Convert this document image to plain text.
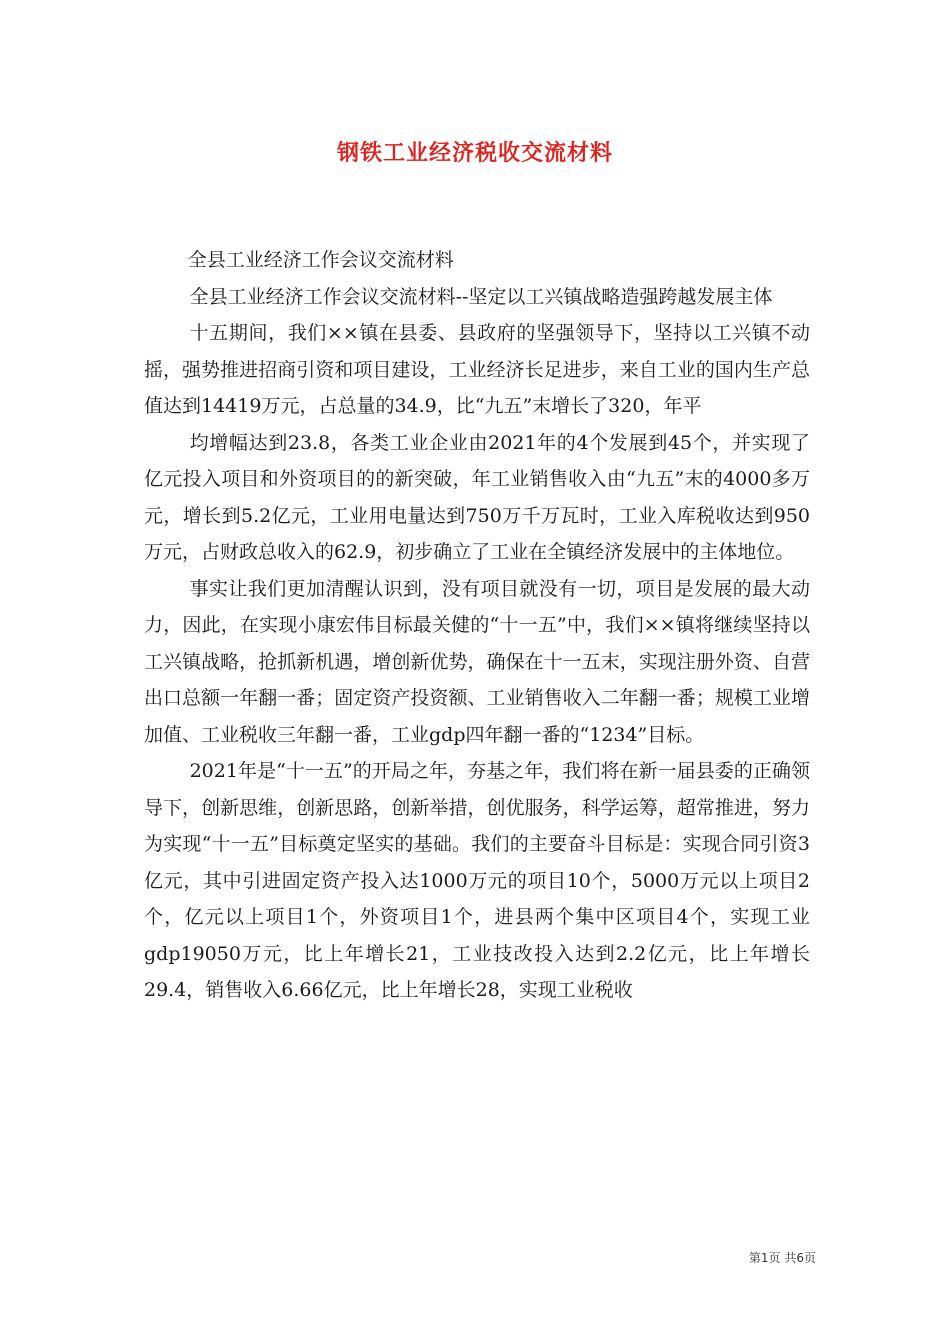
钢铁工业经济税收交流材料

全县工业经济工作会议交流材料

全县工业经济工作会议交流材料--坚定以工兴镇战略造强跨越发展主体

十五期间，我们××镇在县委、县政府的坚强领导下，坚持以工兴镇不动摇，强势推进招商引资和项目建设，工业经济长足进步，来自工业的国内生产总值达到14419万元，占总量的34.9，比“九五”末增长了320，年平

均增幅达到23.8，各类工业企业由2021年的4个发展到45个，并实现了亿元投入项目和外资项目的的新突破，年工业销售收入由“九五”末的4000多万元，增长到5.2亿元，工业用电量达到750万千万瓦时，工业入库税收达到950万元，占财政总收入的62.9，初步确立了工业在全镇经济发展中的主体地位。

事实让我们更加清醒认识到，没有项目就没有一切，项目是发展的最大动力，因此，在实现小康宏伟目标最关健的“十一五”中，我们××镇将继续坚持以工兴镇战略，抢抓新机遇，增创新优势，确保在十一五末，实现注册外资、自营出口总额一年翻一番；固定资产投资额、工业销售收入二年翻一番；规模工业增加值、工业税收三年翻一番，工业gdp四年翻一番的“1234”目标。

2021年是“十一五”的开局之年，夯基之年，我们将在新一届县委的正确领导下，创新思维，创新思路，创新举措，创优服务，科学运筹，超常推进，努力为实现“十一五”目标奠定坚实的基础。我们的主要奋斗目标是：实现合同引资3亿元，其中引进固定资产投入达1000万元的项目10个，5000万元以上项目2个，亿元以上项目1个，外资项目1个，进县两个集中区项目4个，实现工业gdp19050万元，比上年增长21，工业技改投入达到2.2亿元，比上年增长29.4，销售收入6.66亿元，比上年增长28，实现工业税收

第1页 共6页
